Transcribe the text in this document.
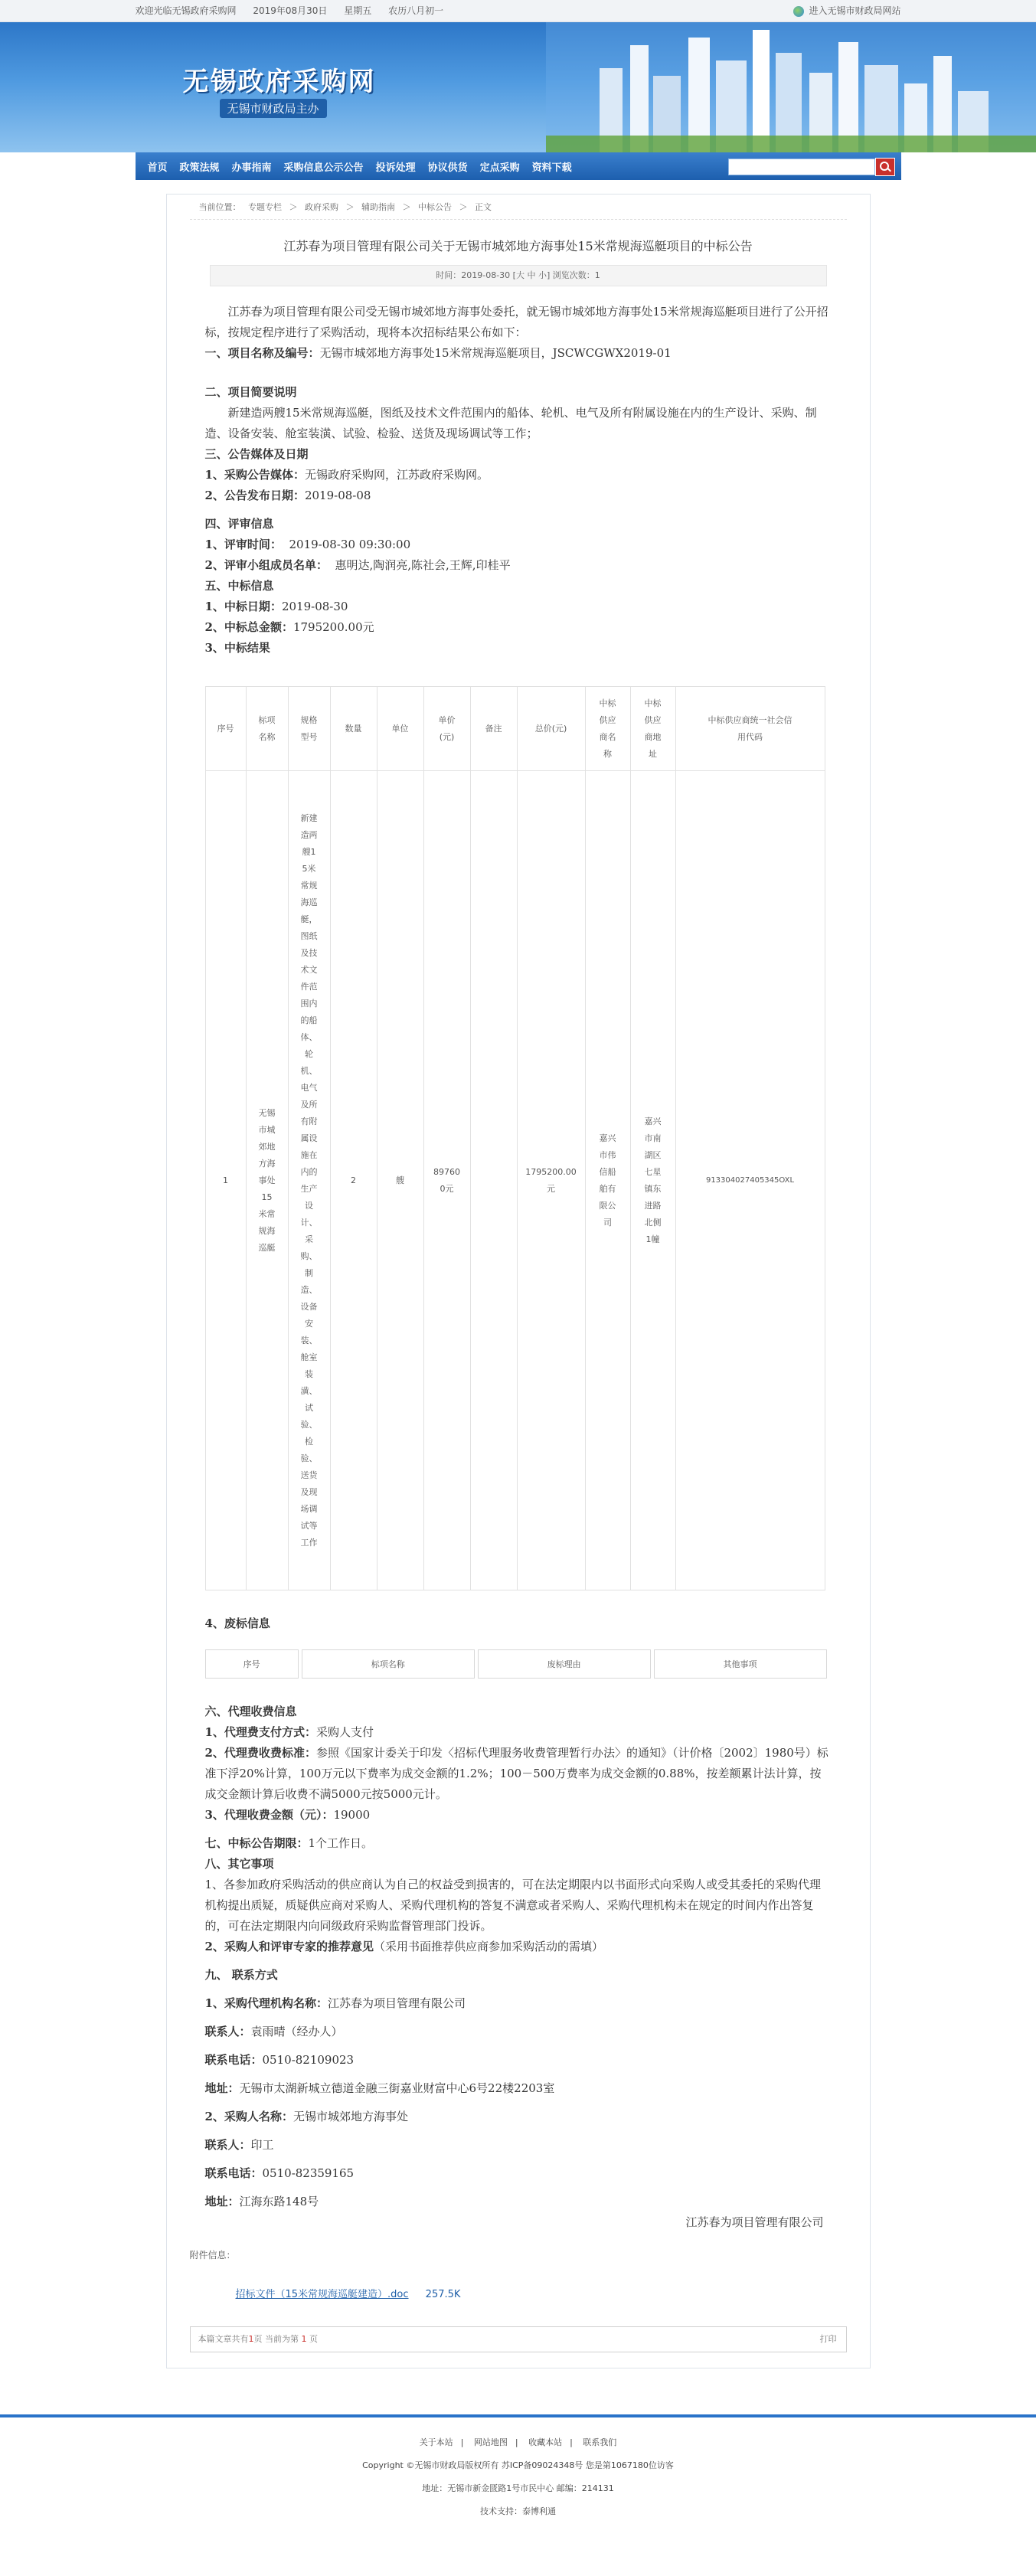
欢迎光临无锡政府采购网 2019年08月30日 星期五 农历八月初一	进入无锡市财政局网站
无锡政府采购网
无锡市财政局主办
首页 政策法规 办事指南 采购信息公示公告 投诉处理 协议供货 定点采购 资料下载
当前位置： 专题专栏 ＞ 政府采购 ＞ 辅助指南 ＞ 中标公告 ＞ 正文
江苏春为项目管理有限公司关于无锡市城郊地方海事处15米常规海巡艇项目的中标公告
时间：2019-08-30 [大 中 小] 浏览次数：1

江苏春为项目管理有限公司受无锡市城郊地方海事处委托，就无锡市城郊地方海事处15米常规海巡艇项目进行了公开招标，按规定程序进行了采购活动，现将本次招标结果公布如下：

一、项目名称及编号：无锡市城郊地方海事处15米常规海巡艇项目，JSCWCGWX2019-01

二、项目简要说明

新建造两艘15米常规海巡艇，图纸及技术文件范围内的船体、轮机、电气及所有附属设施在内的生产设计、采购、制造、设备安装、舱室装潢、试验、检验、送货及现场调试等工作；

三、公告媒体及日期

1、采购公告媒体：无锡政府采购网，江苏政府采购网。

2、公告发布日期：2019-08-08

四、评审信息

1、评审时间： 2019-08-30 09:30:00

2、评审小组成员名单： 惠明达,陶润亮,陈社会,王辉,印桂平

五、中标信息

1、中标日期：2019-08-30

2、中标总金额：1795200.00元

3、中标结果

序号	标项名称	规格型号	数量	单位	单价(元)	备注	总价(元)	中标供应商名称	中标供应商地址	中标供应商统一社会信用代码

1	无锡市城郊地方海事处15米常规海巡艇	新建造两艘15米常规海巡艇，图纸及技术文件范围内的船体、轮机、电气及所有附属设施在内的生产设计、采购、制造、设备安装、舱室装潢、试验、检验、送货及现场调试等工作	2	艘	897600元		1795200.00元	嘉兴市伟信船舶有限公司	嘉兴市南湖区七星镇东进路北侧1幢	913304027405345OXL

4、废标信息

序号	标项名称	废标理由	其他事项

六、代理收费信息

1、代理费支付方式：采购人支付

2、代理费收费标准：参照《国家计委关于印发〈招标代理服务收费管理暂行办法〉的通知》（计价格〔2002〕1980号）标准下浮20%计算，100万元以下费率为成交金额的1.2%；100－500万费率为成交金额的0.88%，按差额累计法计算，按成交金额计算后收费不满5000元按5000元计。

3、代理收费金额（元）：19000

七、中标公告期限：1个工作日。

八、其它事项

1、各参加政府采购活动的供应商认为自己的权益受到损害的，可在法定期限内以书面形式向采购人或受其委托的采购代理机构提出质疑，质疑供应商对采购人、采购代理机构的答复不满意或者采购人、采购代理机构未在规定的时间内作出答复的，可在法定期限内向同级政府采购监督管理部门投诉。

2、采购人和评审专家的推荐意见（采用书面推荐供应商参加采购活动的需填）

九、 联系方式

1、采购代理机构名称：江苏春为项目管理有限公司

联系人：袁雨晴（经办人）

联系电话：0510-82109023

地址：无锡市太湖新城立德道金融三街嘉业财富中心6号22楼2203室

2、采购人名称：无锡市城郊地方海事处

联系人：印工

联系电话：0510-82359165

地址：江海东路148号

江苏春为项目管理有限公司

附件信息：
招标文件（15米常规海巡艇建造）.doc 257.5K
本篇文章共有1页 当前为第 1 页	打印
关于本站 | 网站地图 | 收藏本站 | 联系我们
Copyright ©无锡市财政局版权所有 苏ICP备09024348号 您是第1067180位访客
地址：无锡市新金匮路1号市民中心 邮编：214131
技术支持：泰博利通
